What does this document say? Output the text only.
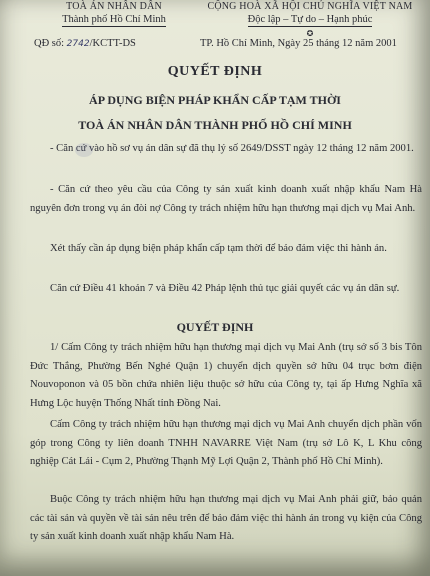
TOÀ ÁN NHÂN DÂN
Thành phố Hồ Chí Minh
CỘNG HOÀ XÃ HỘI CHỦ NGHĨA VIỆT NAM
Độc lập – Tự do – Hạnh phúc
✪
QĐ số: 2742/KCTT-DS	TP. Hồ Chí Minh, Ngày 25 tháng 12 năm 2001
QUYẾT ĐỊNH
ÁP DỤNG BIỆN PHÁP KHẨN CẤP TẠM THỜI
TOÀ ÁN NHÂN DÂN THÀNH PHỐ HỒ CHÍ MINH
- Căn cứ vào hồ sơ vụ án dân sự đã thụ lý số 2649/DSST ngày 12 tháng 12 năm 2001.
- Căn cứ theo yêu cầu của Công ty sản xuất kinh doanh xuất nhập khẩu Nam Hà nguyên đơn trong vụ án đòi nợ Công ty trách nhiệm hữu hạn thương mại dịch vụ Mai Anh.
Xét thấy cần áp dụng biện pháp khẩn cấp tạm thời để bảo đảm việc thi hành án.
Căn cứ Điều 41 khoản 7 và Điều 42 Pháp lệnh thủ tục giải quyết các vụ án dân sự.
QUYẾT ĐỊNH
1/ Cấm Công ty trách nhiệm hữu hạn thương mại dịch vụ Mai Anh (trụ sở số 3 bis Tôn Đức Thắng, Phường Bến Nghé Quận 1) chuyển dịch quyền sở hữu 04 trục bơm điện Nouvoponon và 05 bồn chứa nhiên liệu thuộc sở hữu của Công ty, tại ấp Hưng Nghĩa xã Hưng Lộc huyện Thống Nhất tỉnh Đồng Nai.
Cấm Công ty trách nhiệm hữu hạn thương mại dịch vụ Mai Anh chuyển dịch phần vốn góp trong Công ty liên doanh TNHH NAVARRE Việt Nam (trụ sở Lô K, L Khu công nghiệp Cát Lái - Cụm 2, Phường Thạnh Mỹ Lợi Quận 2, Thành phố Hồ Chí Minh).
Buộc Công ty trách nhiệm hữu hạn thương mại dịch vụ Mai Anh phải giữ, bảo quản các tài sản và quyền về tài sản nêu trên để bảo đảm việc thi hành án trong vụ kiện của Công ty sản xuất kinh doanh xuất nhập khẩu Nam Hà.
